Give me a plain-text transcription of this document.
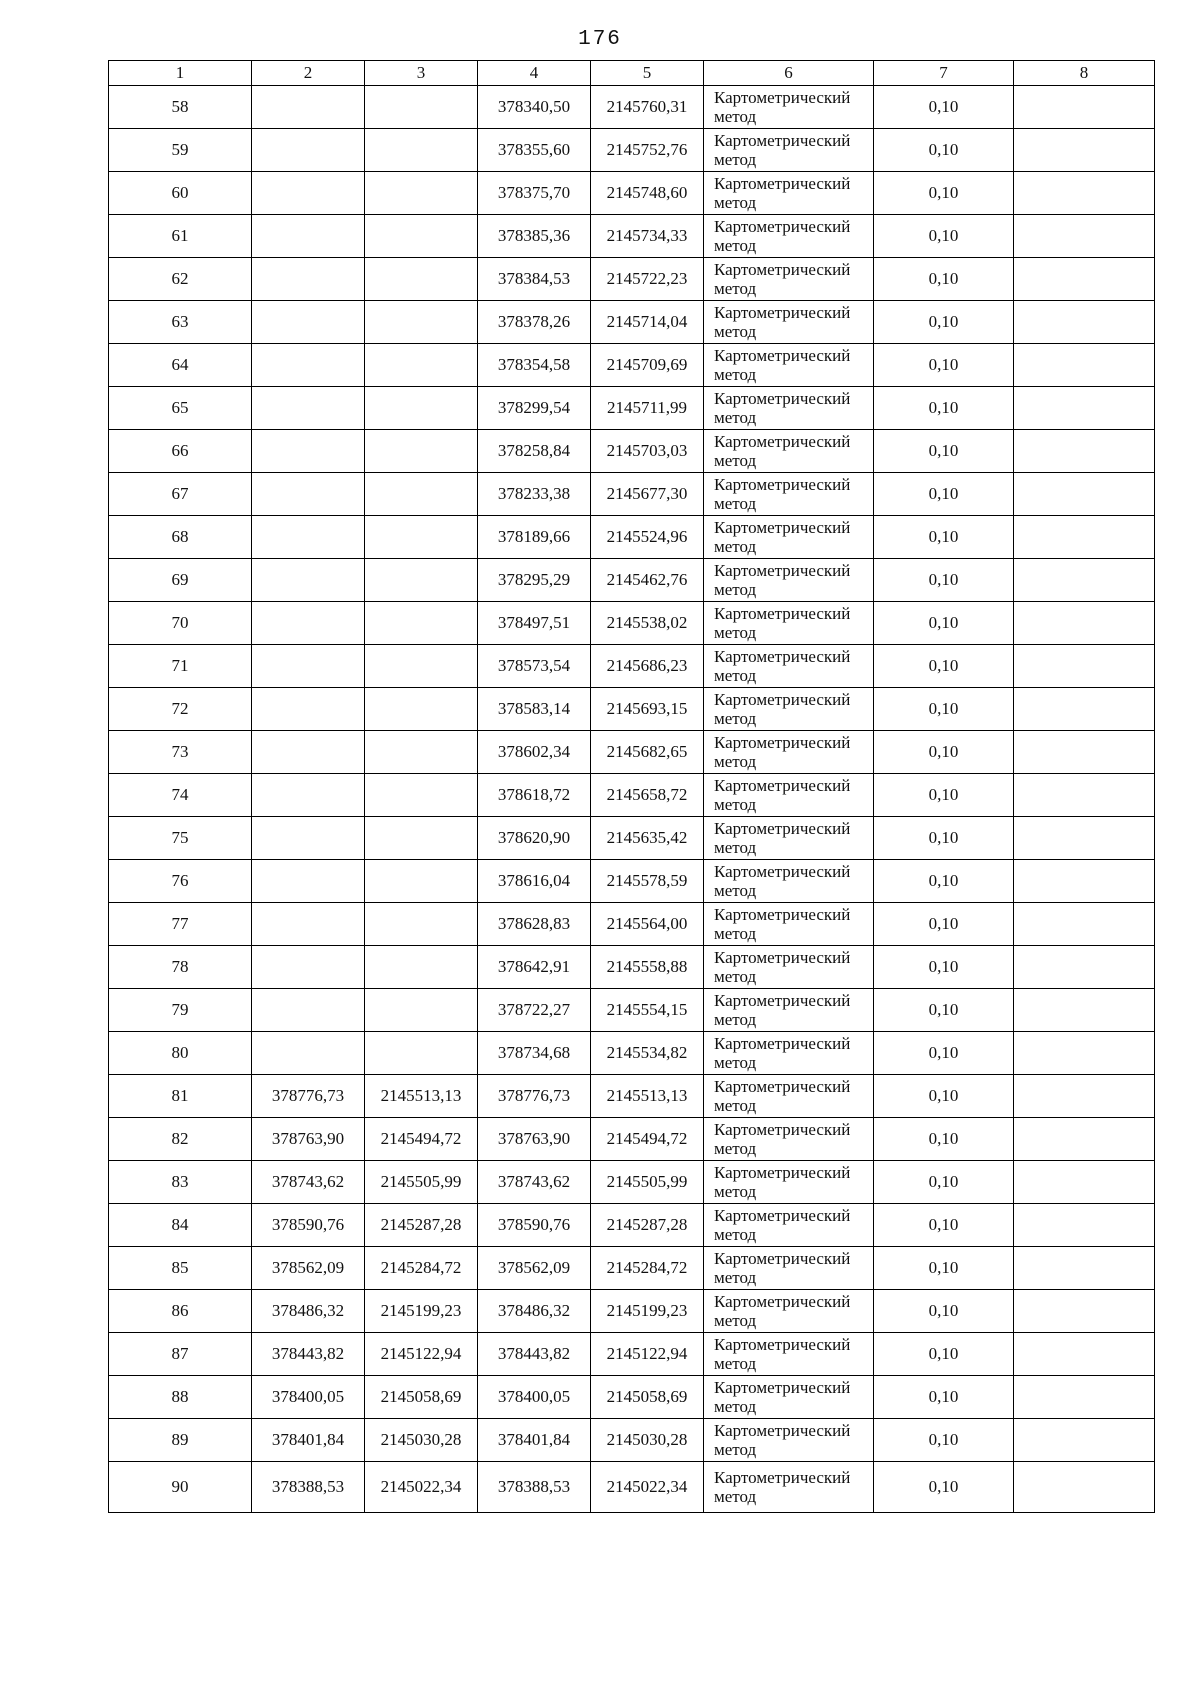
176
1	2	3	4	5	6	7	8
58			378340,50	2145760,31	Картометрический
метод	0,10	
59			378355,60	2145752,76	Картометрический
метод	0,10	
60			378375,70	2145748,60	Картометрический
метод	0,10	
61			378385,36	2145734,33	Картометрический
метод	0,10	
62			378384,53	2145722,23	Картометрический
метод	0,10	
63			378378,26	2145714,04	Картометрический
метод	0,10	
64			378354,58	2145709,69	Картометрический
метод	0,10	
65			378299,54	2145711,99	Картометрический
метод	0,10	
66			378258,84	2145703,03	Картометрический
метод	0,10	
67			378233,38	2145677,30	Картометрический
метод	0,10	
68			378189,66	2145524,96	Картометрический
метод	0,10	
69			378295,29	2145462,76	Картометрический
метод	0,10	
70			378497,51	2145538,02	Картометрический
метод	0,10	
71			378573,54	2145686,23	Картометрический
метод	0,10	
72			378583,14	2145693,15	Картометрический
метод	0,10	
73			378602,34	2145682,65	Картометрический
метод	0,10	
74			378618,72	2145658,72	Картометрический
метод	0,10	
75			378620,90	2145635,42	Картометрический
метод	0,10	
76			378616,04	2145578,59	Картометрический
метод	0,10	
77			378628,83	2145564,00	Картометрический
метод	0,10	
78			378642,91	2145558,88	Картометрический
метод	0,10	
79			378722,27	2145554,15	Картометрический
метод	0,10	
80			378734,68	2145534,82	Картометрический
метод	0,10	
81	378776,73	2145513,13	378776,73	2145513,13	Картометрический
метод	0,10	
82	378763,90	2145494,72	378763,90	2145494,72	Картометрический
метод	0,10	
83	378743,62	2145505,99	378743,62	2145505,99	Картометрический
метод	0,10	
84	378590,76	2145287,28	378590,76	2145287,28	Картометрический
метод	0,10	
85	378562,09	2145284,72	378562,09	2145284,72	Картометрический
метод	0,10	
86	378486,32	2145199,23	378486,32	2145199,23	Картометрический
метод	0,10	
87	378443,82	2145122,94	378443,82	2145122,94	Картометрический
метод	0,10	
88	378400,05	2145058,69	378400,05	2145058,69	Картометрический
метод	0,10	
89	378401,84	2145030,28	378401,84	2145030,28	Картометрический
метод	0,10	
90	378388,53	2145022,34	378388,53	2145022,34	Картометрический
метод	0,10	
